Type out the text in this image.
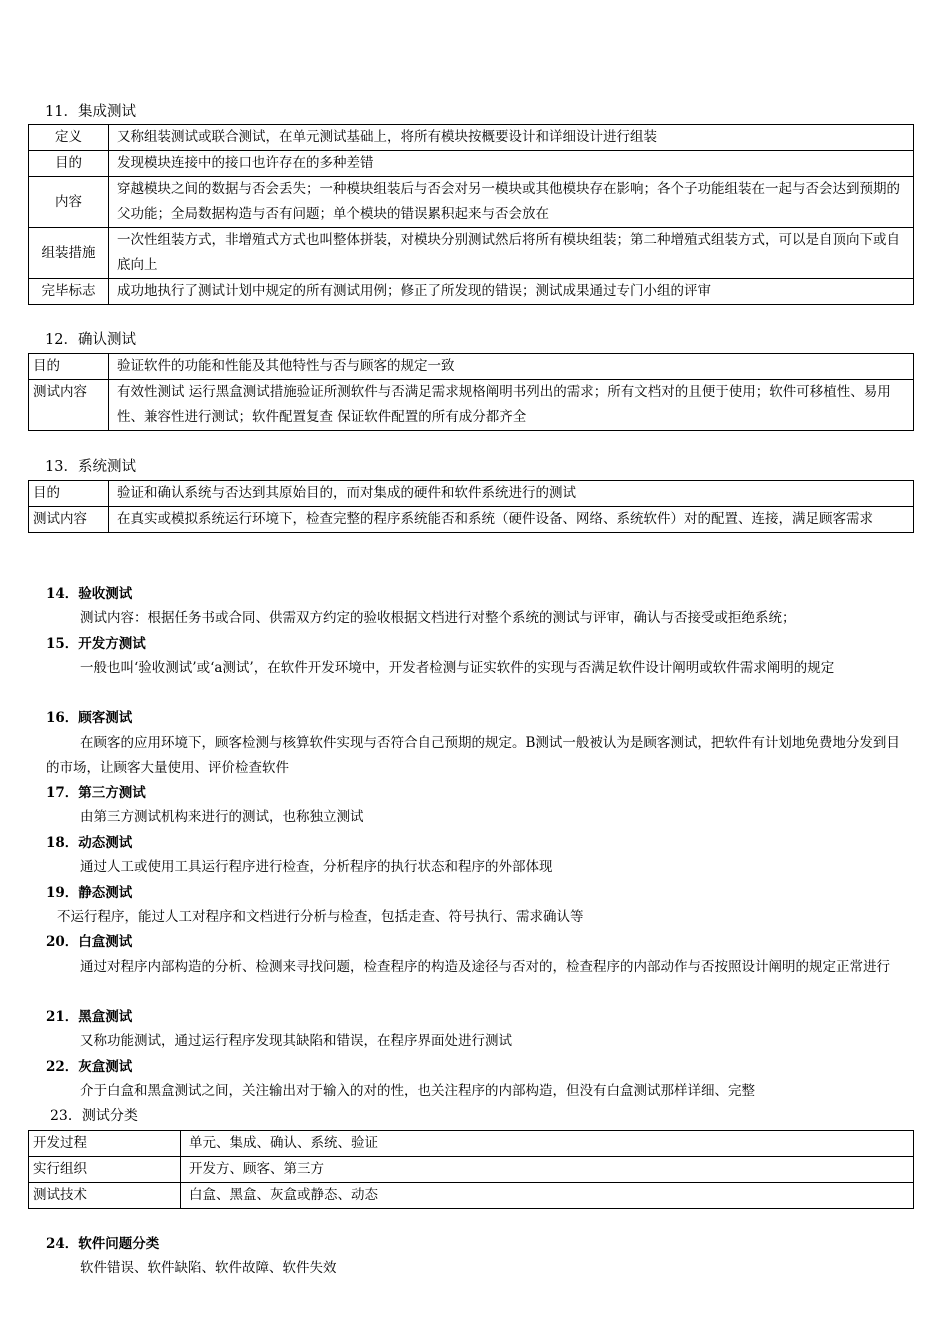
11．集成测试
定义	又称组装测试或联合测试，在单元测试基础上，将所有模块按概要设计和详细设计进行组装
目的	发现模块连接中的接口也许存在的多种差错
内容	穿越模块之间的数据与否会丢失；一种模块组装后与否会对另一模块或其他模块存在影响；各个子功能组装在一起与否会达到预期的父功能；全局数据构造与否有问题；单个模块的错误累积起来与否会放在
组装措施	一次性组装方式，非增殖式方式也叫整体拼装，对模块分别测试然后将所有模块组装；第二种增殖式组装方式，可以是自顶向下或自底向上
完毕标志	成功地执行了测试计划中规定的所有测试用例；修正了所发现的错误；测试成果通过专门小组的评审
12．确认测试
目的	验证软件的功能和性能及其他特性与否与顾客的规定一致
测试内容	有效性测试 运行黑盒测试措施验证所测软件与否满足需求规格阐明书列出的需求；所有文档对的且便于使用；软件可移植性、易用性、兼容性进行测试；软件配置复查 保证软件配置的所有成分都齐全
13．系统测试
目的	验证和确认系统与否达到其原始目的，而对集成的硬件和软件系统进行的测试
测试内容	在真实或模拟系统运行环境下，检查完整的程序系统能否和系统（硬件设备、网络、系统软件）对的配置、连接，满足顾客需求
14．验收测试
测试内容：根据任务书或合同、供需双方约定的验收根据文档进行对整个系统的测试与评审，确认与否接受或拒绝系统；
15．开发方测试
一般也叫‘验收测试’或‘a测试’，在软件开发环境中，开发者检测与证实软件的实现与否满足软件设计阐明或软件需求阐明的规定
16．顾客测试
在顾客的应用环境下，顾客检测与核算软件实现与否符合自己预期的规定。B测试一般被认为是顾客测试，把软件有计划地免费地分发到目的市场，让顾客大量使用、评价检查软件
17．第三方测试
由第三方测试机构来进行的测试，也称独立测试
18．动态测试
通过人工或使用工具运行程序进行检查，分析程序的执行状态和程序的外部体现
19．静态测试
不运行程序，能过人工对程序和文档进行分析与检查，包括走查、符号执行、需求确认等
20．白盒测试
通过对程序内部构造的分析、检测来寻找问题，检查程序的构造及途径与否对的，检查程序的内部动作与否按照设计阐明的规定正常进行
21．黑盒测试
又称功能测试，通过运行程序发现其缺陷和错误，在程序界面处进行测试
22．灰盒测试
介于白盒和黑盒测试之间，关注输出对于输入的对的性，也关注程序的内部构造，但没有白盒测试那样详细、完整
23．测试分类
开发过程	单元、集成、确认、系统、验证
实行组织	开发方、顾客、第三方
测试技术	白盒、黑盒、灰盒或静态、动态
24．软件问题分类
软件错误、软件缺陷、软件故障、软件失效
